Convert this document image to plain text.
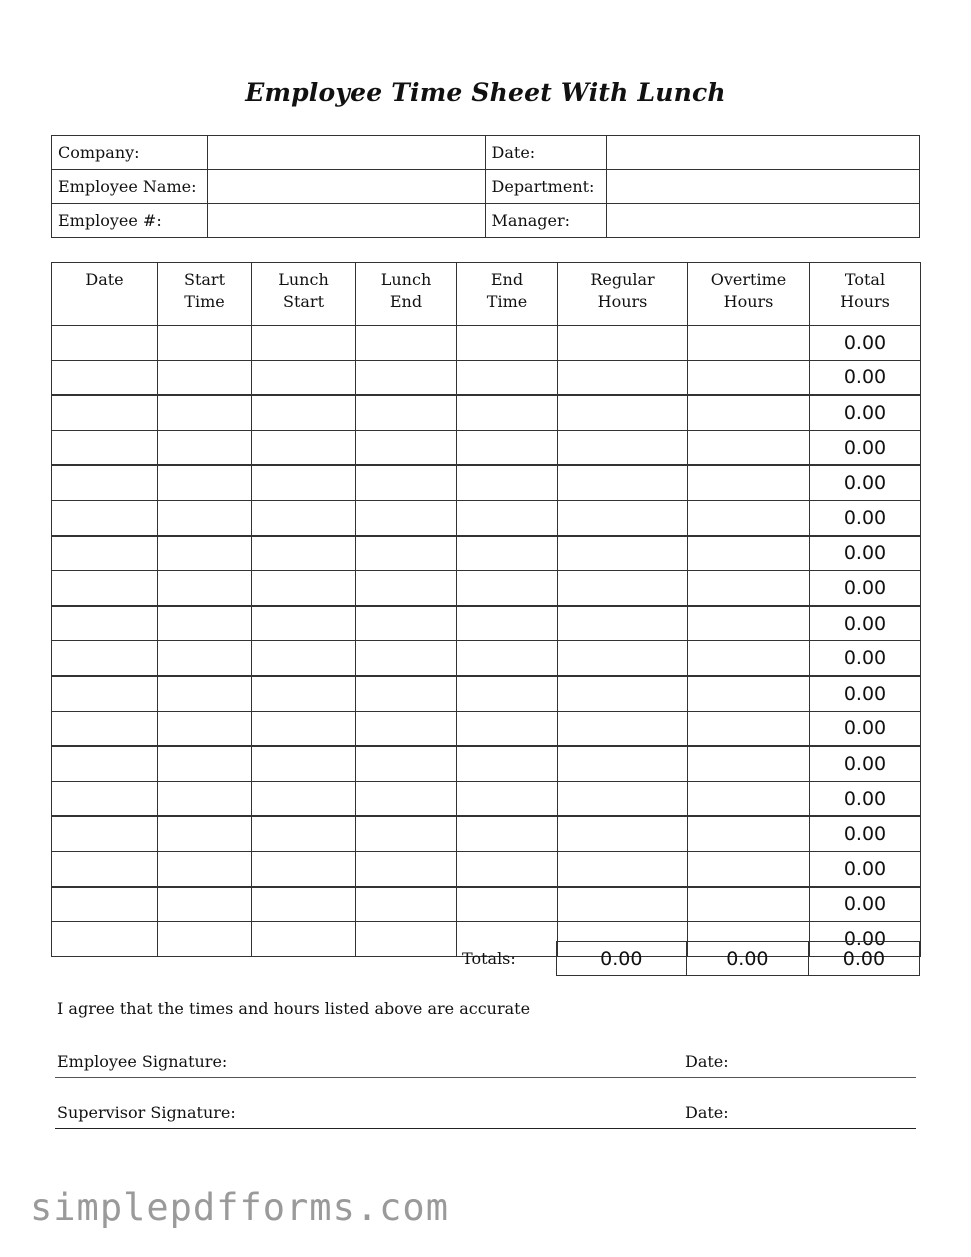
Employee Time Sheet With Lunch
Company:		Date:	
Employee Name:		Department:	
Employee #:		Manager:	
Date	Start Time	Lunch Start	Lunch End	End Time	Regular Hours	Overtime Hours	Total Hours
							0.00
							0.00
							0.00
							0.00
							0.00
							0.00
							0.00
							0.00
							0.00
							0.00
							0.00
							0.00
							0.00
							0.00
							0.00
							0.00
							0.00
							0.00
Totals:	0.00	0.00	0.00
I agree that the times and hours listed above are accurate
Employee Signature:	Date:
Supervisor Signature:	Date:
simplepdfforms.com
